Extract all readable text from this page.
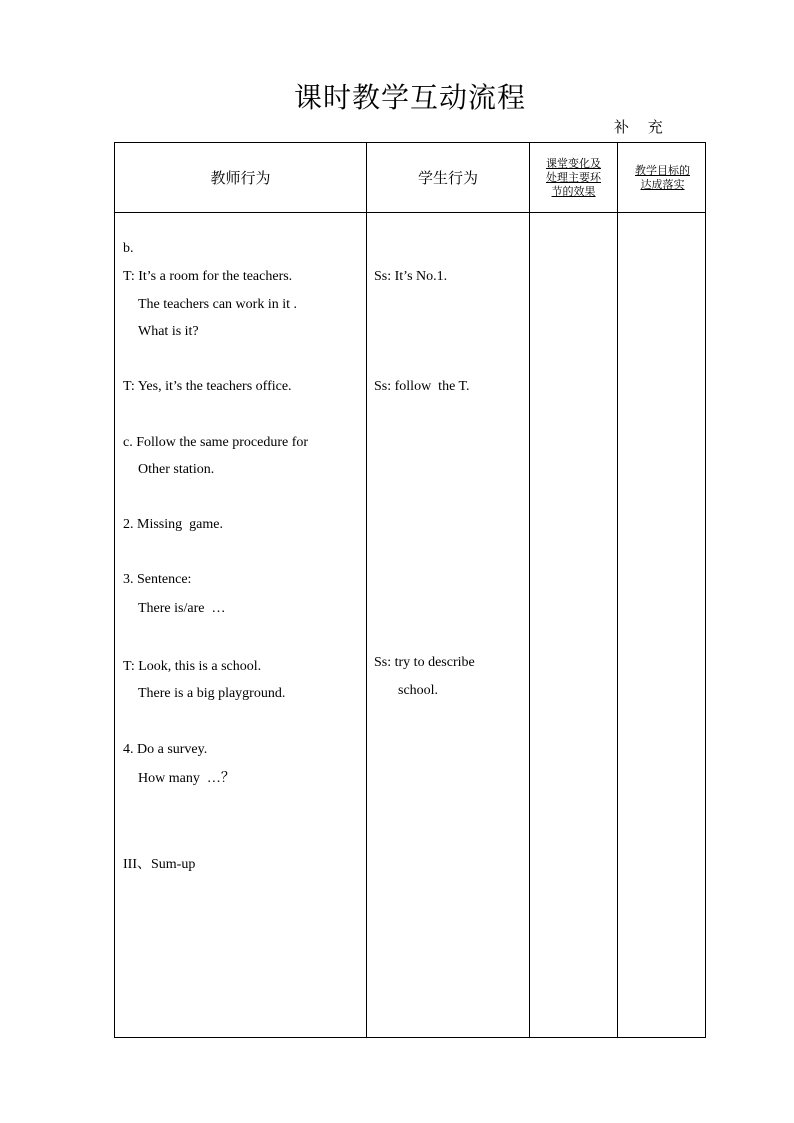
课时教学互动流程
补 充
教师行为	学生行为
课堂变化及处理主要环节的效果
教学目标的达成落实
b.
T: It’s a room for the teachers.
The teachers can work in it .
What is it?
T: Yes, it’s the teachers office.
c. Follow the same procedure for
Other station.
2. Missing  game.
3. Sentence:
There is/are  …
T: Look, this is a school.
There is a big playground.
4. Do a survey.
How many  …？
III、Sum-up
Ss: It’s No.1.
Ss: follow  the T.
Ss: try to describe
school.
